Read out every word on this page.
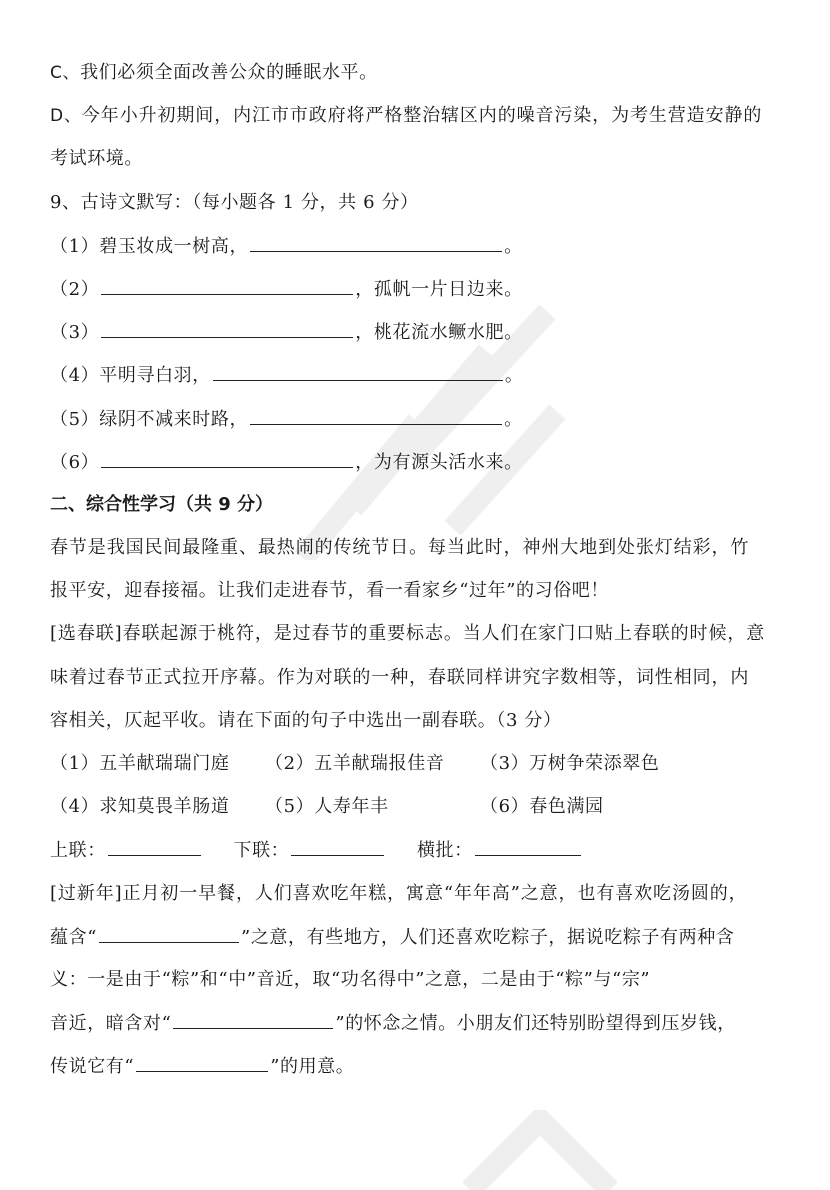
C、我们必须全面改善公众的睡眠水平。
D、今年小升初期间，内江市市政府将严格整治辖区内的噪音污染，为考生营造安静的
考试环境。
9、古诗文默写：（每小题各 1 分，共 6 分）
（1）碧玉妆成一树高，	。
（2）	，孤帆一片日边来。
（3）	，桃花流水鳜水肥。
（4）平明寻白羽，	。
（5）绿阴不减来时路，	。
（6）	，为有源头活水来。
二、综合性学习（共 9 分）
春节是我国民间最隆重、最热闹的传统节日。每当此时，神州大地到处张灯结彩，竹
报平安，迎春接福。让我们走进春节，看一看家乡“过年”的习俗吧！
[选春联]春联起源于桃符，是过春节的重要标志。当人们在家门口贴上春联的时候，意
味着过春节正式拉开序幕。作为对联的一种，春联同样讲究字数相等，词性相同，内
容相关，仄起平收。请在下面的句子中选出一副春联。（3 分）
（1）五羊献瑞瑞门庭 （2）五羊献瑞报佳音 （3）万树争荣添翠色
（4）求知莫畏羊肠道 （5）人寿年丰	（6）春色满园
上联：	下联：	横批：
[过新年]正月初一早餐，人们喜欢吃年糕，寓意“年年高”之意，也有喜欢吃汤圆的，
蕴含“	”之意，有些地方，人们还喜欢吃粽子，据说吃粽子有两种含
义：一是由于“粽”和“中”音近，取“功名得中”之意，二是由于“粽”与“宗”
音近，暗含对“	”的怀念之情。小朋友们还特别盼望得到压岁钱，
传说它有“	”的用意。
